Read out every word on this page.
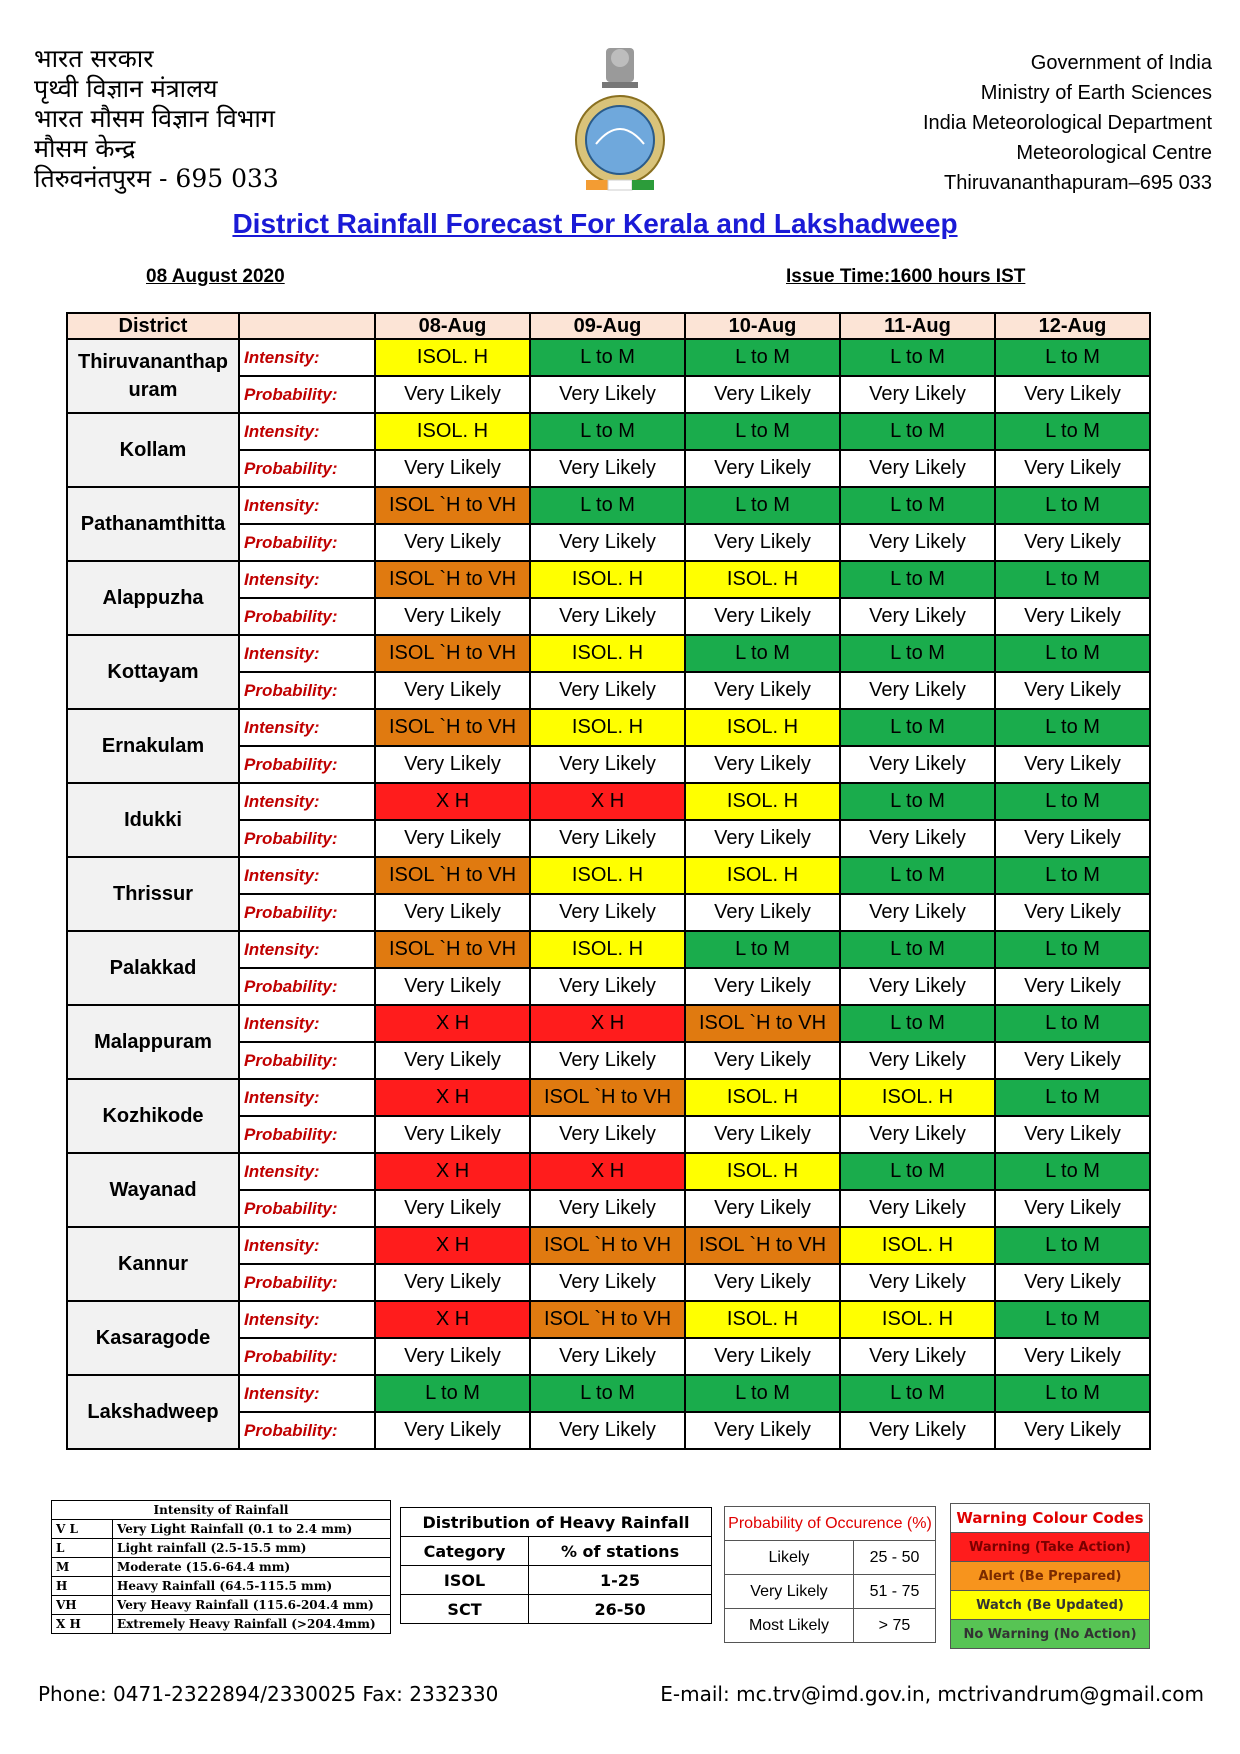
भारत सरकार
पृथ्वी विज्ञान मंत्रालय
भारत मौसम विज्ञान विभाग
मौसम केन्द्र
तिरुवनंतपुरम - 695 033
Government of India
Ministry of Earth Sciences
India Meteorological Department
Meteorological Centre
Thiruvananthapuram–695 033
District Rainfall Forecast For Kerala and Lakshadweep
08 August 2020	Issue Time:1600 hours IST
District		08-Aug	09-Aug	10-Aug	11-Aug	12-Aug
Thiruvananthap uram	Intensity:	ISOL. H	L to M	L to M	L to M	L to M
	Probability:	Very Likely	Very Likely	Very Likely	Very Likely	Very Likely
Kollam	Intensity:	ISOL. H	L to M	L to M	L to M	L to M
	Probability:	Very Likely	Very Likely	Very Likely	Very Likely	Very Likely
Pathanamthitta	Intensity:	ISOL `H to VH	L to M	L to M	L to M	L to M
	Probability:	Very Likely	Very Likely	Very Likely	Very Likely	Very Likely
Alappuzha	Intensity:	ISOL `H to VH	ISOL. H	ISOL. H	L to M	L to M
	Probability:	Very Likely	Very Likely	Very Likely	Very Likely	Very Likely
Kottayam	Intensity:	ISOL `H to VH	ISOL. H	L to M	L to M	L to M
	Probability:	Very Likely	Very Likely	Very Likely	Very Likely	Very Likely
Ernakulam	Intensity:	ISOL `H to VH	ISOL. H	ISOL. H	L to M	L to M
	Probability:	Very Likely	Very Likely	Very Likely	Very Likely	Very Likely
Idukki	Intensity:	X H	X H	ISOL. H	L to M	L to M
	Probability:	Very Likely	Very Likely	Very Likely	Very Likely	Very Likely
Thrissur	Intensity:	ISOL `H to VH	ISOL. H	ISOL. H	L to M	L to M
	Probability:	Very Likely	Very Likely	Very Likely	Very Likely	Very Likely
Palakkad	Intensity:	ISOL `H to VH	ISOL. H	L to M	L to M	L to M
	Probability:	Very Likely	Very Likely	Very Likely	Very Likely	Very Likely
Malappuram	Intensity:	X H	X H	ISOL `H to VH	L to M	L to M
	Probability:	Very Likely	Very Likely	Very Likely	Very Likely	Very Likely
Kozhikode	Intensity:	X H	ISOL `H to VH	ISOL. H	ISOL. H	L to M
	Probability:	Very Likely	Very Likely	Very Likely	Very Likely	Very Likely
Wayanad	Intensity:	X H	X H	ISOL. H	L to M	L to M
	Probability:	Very Likely	Very Likely	Very Likely	Very Likely	Very Likely
Kannur	Intensity:	X H	ISOL `H to VH	ISOL `H to VH	ISOL. H	L to M
	Probability:	Very Likely	Very Likely	Very Likely	Very Likely	Very Likely
Kasaragode	Intensity:	X H	ISOL `H to VH	ISOL. H	ISOL. H	L to M
	Probability:	Very Likely	Very Likely	Very Likely	Very Likely	Very Likely
Lakshadweep	Intensity:	L to M	L to M	L to M	L to M	L to M
	Probability:	Very Likely	Very Likely	Very Likely	Very Likely	Very Likely
Intensity of Rainfall	
V L	Very Light Rainfall (0.1 to 2.4 mm)
L	Light rainfall (2.5-15.5 mm)
M	Moderate (15.6-64.4 mm)
H	Heavy Rainfall (64.5-115.5 mm)
VH	Very Heavy Rainfall (115.6-204.4 mm)
X H	Extremely Heavy Rainfall (>204.4mm)
Distribution of Heavy Rainfall	
Category	% of stations
ISOL	1-25
SCT	26-50
Probability of Occurence (%)	
Likely	25 - 50
Very Likely	51 - 75
Most Likely	> 75
Warning Colour Codes
Warning (Take Action)
Alert (Be Prepared)
Watch (Be Updated)
No Warning (No Action)
Phone: 0471-2322894/2330025 Fax: 2332330	E-mail: mc.trv@imd.gov.in, mctrivandrum@gmail.com
